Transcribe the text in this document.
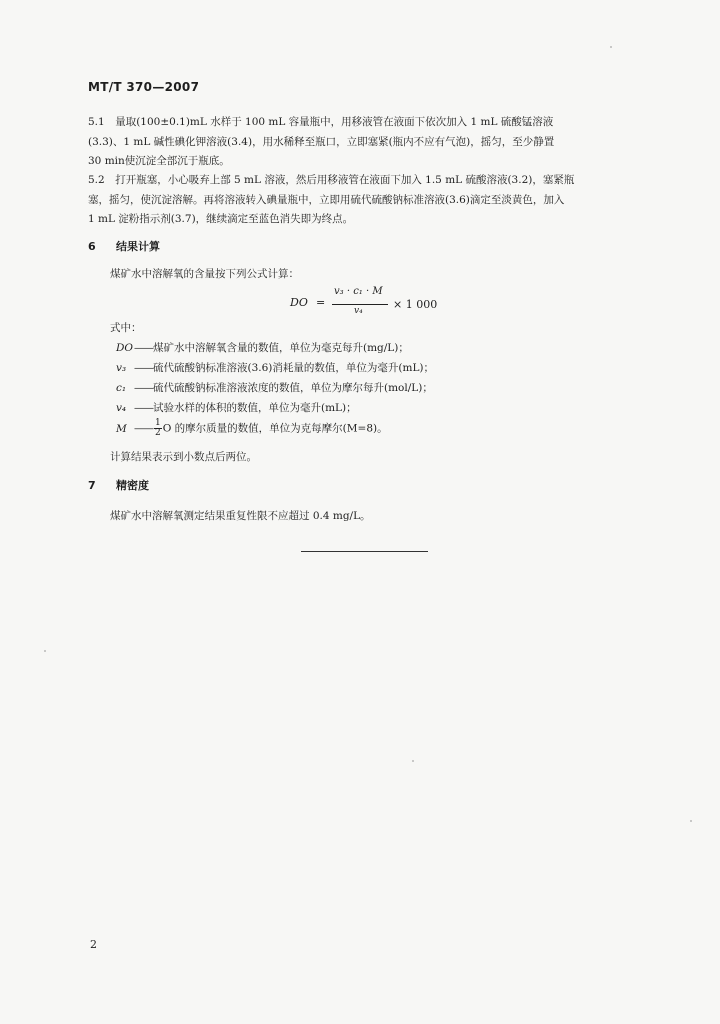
MT/T 370—2007
5.1　量取(100±0.1)mL 水样于 100 mL 容量瓶中，用移液管在液面下依次加入 1 mL 硫酸锰溶液
(3.3)、1 mL 碱性碘化钾溶液(3.4)，用水稀释至瓶口，立即塞紧(瓶内不应有气泡)，摇匀，至少静置
30 min使沉淀全部沉于瓶底。
5.2　打开瓶塞，小心吸弃上部 5 mL 溶液，然后用移液管在液面下加入 1.5 mL 硫酸溶液(3.2)，塞紧瓶
塞，摇匀，使沉淀溶解。再将溶液转入碘量瓶中，立即用硫代硫酸钠标准溶液(3.6)滴定至淡黄色，加入
1 mL 淀粉指示剂(3.7)，继续滴定至蓝色消失即为终点。
6 结果计算
煤矿水中溶解氧的含量按下列公式计算：
DO =
v₃ · c₁ · M
v₄	× 1 000
式中：
DO——煤矿水中溶解氧含量的数值，单位为毫克每升(mg/L)；
v₃ ——硫代硫酸钠标准溶液(3.6)消耗量的数值，单位为毫升(mL)；
c₁ ——硫代硫酸钠标准溶液浓度的数值，单位为摩尔每升(mol/L)；
v₄ ——试验水样的体积的数值，单位为毫升(mL)；
M —— $\frac{1}{2}$ O 的摩尔质量的数值，单位为克每摩尔(M=8)。
计算结果表示到小数点后两位。
7 精密度
煤矿水中溶解氧测定结果重复性限不应超过 0.4 mg/L。
2
